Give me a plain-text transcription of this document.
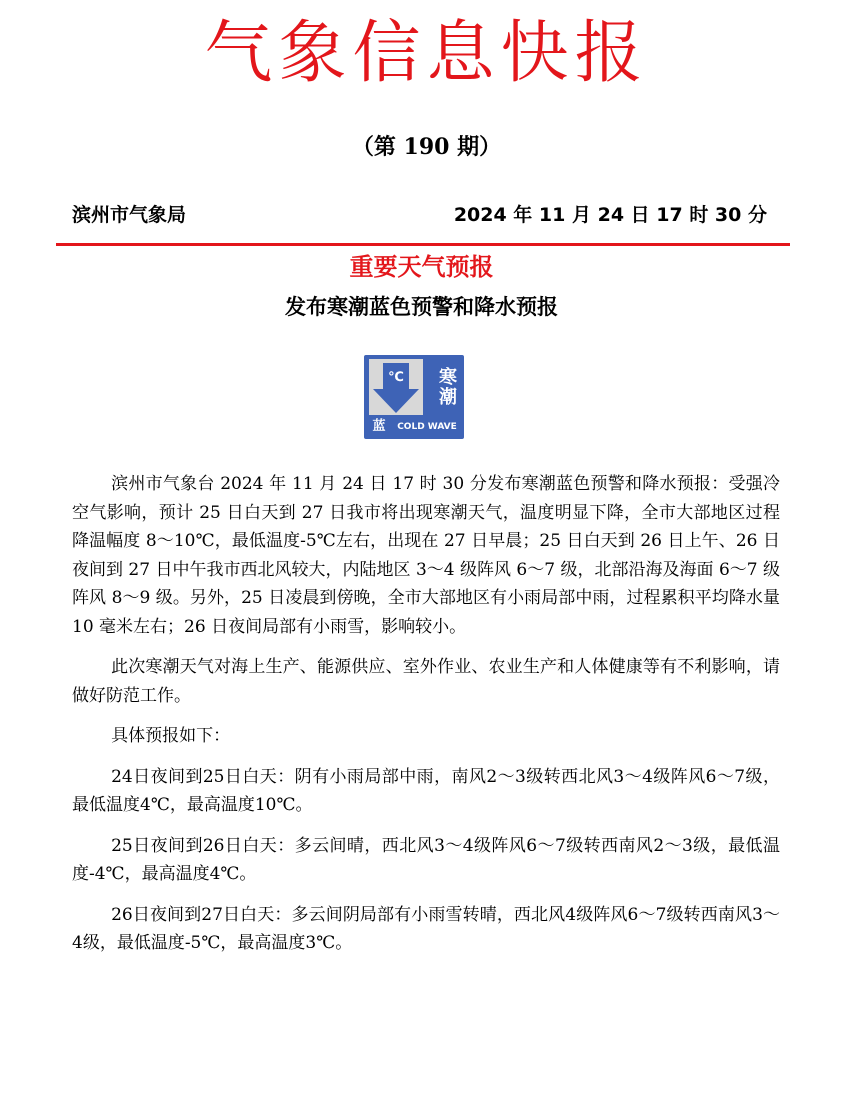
气象信息快报
（第 190 期）
滨州市气象局	2024 年 11 月 24 日 17 时 30 分
重要天气预报
发布寒潮蓝色预警和降水预报
℃	寒潮
蓝	COLD WAVE

滨州市气象台 2024 年 11 月 24 日 17 时 30 分发布寒潮蓝色预警和降水预报：受强冷空气影响，预计 25 日白天到 27 日我市将出现寒潮天气，温度明显下降，全市大部地区过程降温幅度 8～10℃，最低温度-5℃左右，出现在 27 日早晨；25 日白天到 26 日上午、26 日夜间到 27 日中午我市西北风较大，内陆地区 3～4 级阵风 6～7 级，北部沿海及海面 6～7 级阵风 8～9 级。另外，25 日凌晨到傍晚，全市大部地区有小雨局部中雨，过程累积平均降水量 10 毫米左右；26 日夜间局部有小雨雪，影响较小。

此次寒潮天气对海上生产、能源供应、室外作业、农业生产和人体健康等有不利影响，请做好防范工作。

具体预报如下：

24日夜间到25日白天：阴有小雨局部中雨，南风2～3级转西北风3～4级阵风6～7级，最低温度4℃，最高温度10℃。

25日夜间到26日白天：多云间晴，西北风3～4级阵风6～7级转西南风2～3级，最低温度-4℃，最高温度4℃。

26日夜间到27日白天：多云间阴局部有小雨雪转晴，西北风4级阵风6～7级转西南风3～4级，最低温度-5℃，最高温度3℃。
